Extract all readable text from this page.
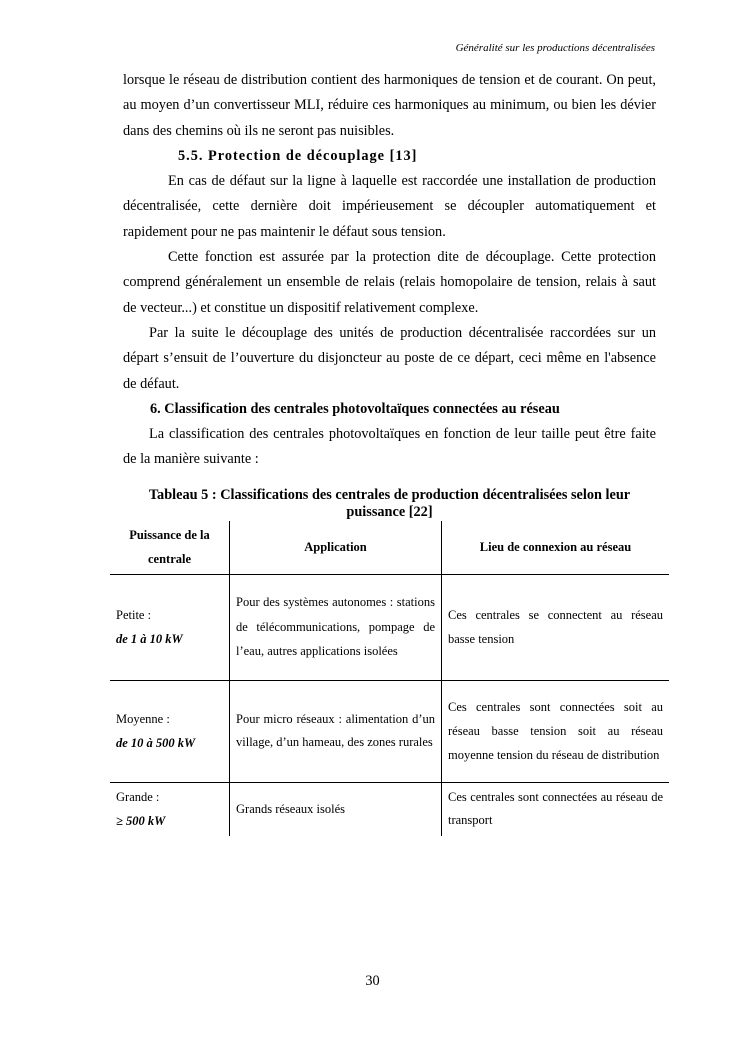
Généralité sur les productions décentralisées

lorsque le réseau de distribution contient des harmoniques de tension et de courant. On peut, au moyen d’un convertisseur MLI, réduire ces harmoniques au minimum, ou bien les dévier dans des chemins où ils ne seront pas nuisibles.

5.5. Protection de découplage [13]

En cas de défaut sur la ligne à laquelle est raccordée une installation de production décentralisée, cette dernière doit impérieusement se découpler automatiquement et rapidement pour ne pas maintenir le défaut sous tension.

Cette fonction est assurée par la protection dite de découplage. Cette protection comprend généralement un ensemble de relais (relais homopolaire de tension, relais à saut de vecteur...) et constitue un dispositif relativement complexe.

Par la suite le découplage des unités de production décentralisée raccordées sur un départ s’ensuit de l’ouverture du disjoncteur au poste de ce départ, ceci même en l'absence de défaut.

6. Classification des centrales photovoltaïques connectées au réseau

La classification des centrales photovoltaïques en fonction de leur taille peut être faite de la manière suivante :

Tableau 5 : Classifications des centrales de production décentralisées selon leur puissance [22]
Puissance de la centrale	Application	Lieu de connexion au réseau

Petite :
de 1 à 10 kW	Pour des systèmes autonomes : stations de télécommunications, pompage de l’eau, autres applications isolées	Ces centrales se connectent au réseau basse tension

Moyenne :
de 10 à 500 kW	Pour micro réseaux : alimentation d’un village, d’un hameau, des zones rurales	Ces centrales sont connectées soit au réseau basse tension soit au réseau moyenne tension du réseau de distribution

Grande :
≥ 500 kW	Grands réseaux isolés	Ces centrales sont connectées au réseau de transport
30
